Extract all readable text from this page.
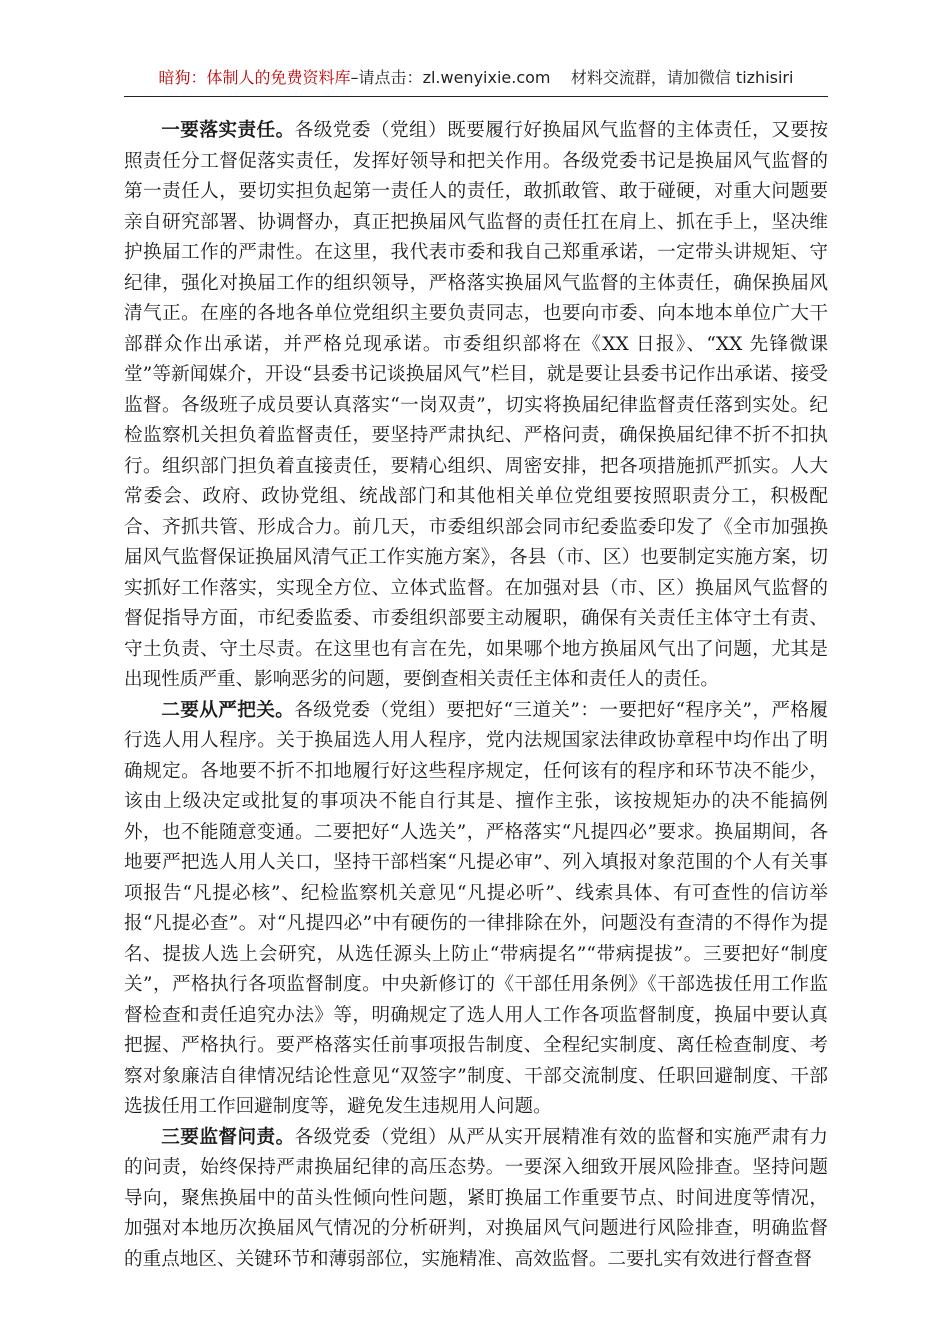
暗狗：体制人的免费资料库–请点击：zl.wenyixie.com 材料交流群，请加微信 tizhisiri

一要落实责任。各级党委（党组）既要履行好换届风气监督的主体责任，又要按照责任分工督促落实责任，发挥好领导和把关作用。各级党委书记是换届风气监督的第一责任人，要切实担负起第一责任人的责任，敢抓敢管、敢于碰硬，对重大问题要亲自研究部署、协调督办，真正把换届风气监督的责任扛在肩上、抓在手上，坚决维护换届工作的严肃性。在这里，我代表市委和我自己郑重承诺，一定带头讲规矩、守纪律，强化对换届工作的组织领导，严格落实换届风气监督的主体责任，确保换届风清气正。在座的各地各单位党组织主要负责同志，也要向市委、向本地本单位广大干部群众作出承诺，并严格兑现承诺。市委组织部将在《XX 日报》、“XX 先锋微课堂”等新闻媒介，开设“县委书记谈换届风气”栏目，就是要让县委书记作出承诺、接受监督。各级班子成员要认真落实“一岗双责”，切实将换届纪律监督责任落到实处。纪检监察机关担负着监督责任，要坚持严肃执纪、严格问责，确保换届纪律不折不扣执行。组织部门担负着直接责任，要精心组织、周密安排，把各项措施抓严抓实。人大常委会、政府、政协党组、统战部门和其他相关单位党组要按照职责分工，积极配合、齐抓共管、形成合力。前几天，市委组织部会同市纪委监委印发了《全市加强换届风气监督保证换届风清气正工作实施方案》，各县（市、区）也要制定实施方案，切实抓好工作落实，实现全方位、立体式监督。在加强对县（市、区）换届风气监督的督促指导方面，市纪委监委、市委组织部要主动履职，确保有关责任主体守土有责、守土负责、守土尽责。在这里也有言在先，如果哪个地方换届风气出了问题，尤其是出现性质严重、影响恶劣的问题，要倒查相关责任主体和责任人的责任。

二要从严把关。各级党委（党组）要把好“三道关”：一要把好“程序关”，严格履行选人用人程序。关于换届选人用人程序，党内法规国家法律政协章程中均作出了明确规定。各地要不折不扣地履行好这些程序规定，任何该有的程序和环节决不能少，该由上级决定或批复的事项决不能自行其是、擅作主张，该按规矩办的决不能搞例外，也不能随意变通。二要把好“人选关”，严格落实“凡提四必”要求。换届期间，各地要严把选人用人关口，坚持干部档案“凡提必审”、列入填报对象范围的个人有关事项报告“凡提必核”、纪检监察机关意见“凡提必听”、线索具体、有可查性的信访举报“凡提必查”。对“凡提四必”中有硬伤的一律排除在外，问题没有查清的不得作为提名、提拔人选上会研究，从选任源头上防止“带病提名”“带病提拔”。三要把好“制度关”，严格执行各项监督制度。中央新修订的《干部任用条例》《干部选拔任用工作监督检查和责任追究办法》等，明确规定了选人用人工作各项监督制度，换届中要认真把握、严格执行。要严格落实任前事项报告制度、全程纪实制度、离任检查制度、考察对象廉洁自律情况结论性意见“双签字”制度、干部交流制度、任职回避制度、干部选拔任用工作回避制度等，避免发生违规用人问题。

三要监督问责。各级党委（党组）从严从实开展精准有效的监督和实施严肃有力的问责，始终保持严肃换届纪律的高压态势。一要深入细致开展风险排查。坚持问题导向，聚焦换届中的苗头性倾向性问题，紧盯换届工作重要节点、时间进度等情况，加强对本地历次换届风气情况的分析研判，对换届风气问题进行风险排查，明确监督的重点地区、关键环节和薄弱部位，实施精准、高效监督。二要扎实有效进行督查督
